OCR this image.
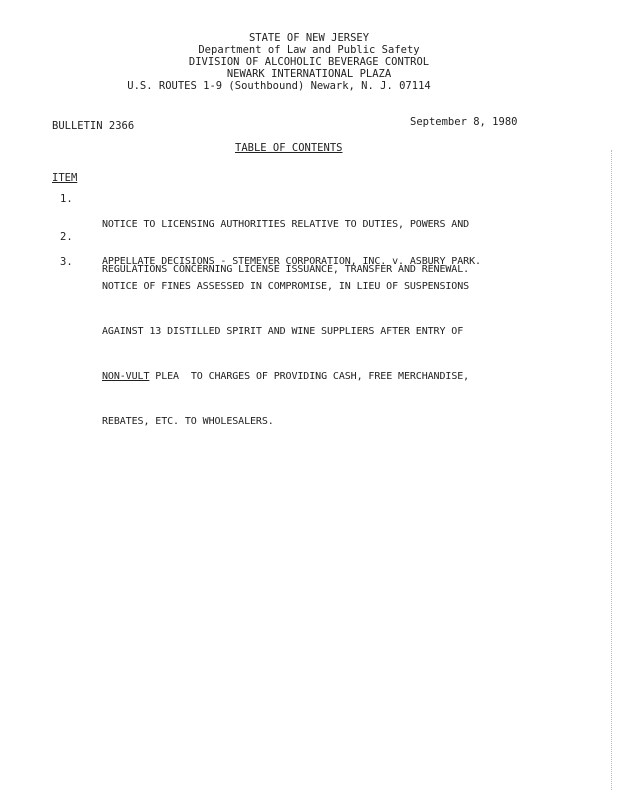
STATE OF NEW JERSEY
Department of Law and Public Safety
DIVISION OF ALCOHOLIC BEVERAGE CONTROL
NEWARK INTERNATIONAL PLAZA
U.S. ROUTES 1-9 (Southbound) Newark, N. J. 07114
BULLETIN 2366	September 8, 1980
TABLE OF CONTENTS
ITEM
1.

NOTICE TO LICENSING AUTHORITIES RELATIVE TO DUTIES, POWERS AND

REGULATIONS CONCERNING LICENSE ISSUANCE, TRANSFER AND RENEWAL.

2.

APPELLATE DECISIONS - STEMEYER CORPORATION, INC. v. ASBURY PARK.

3.

NOTICE OF FINES ASSESSED IN COMPROMISE, IN LIEU OF SUSPENSIONS

AGAINST 13 DISTILLED SPIRIT AND WINE SUPPLIERS AFTER ENTRY OF

NON-VULT PLEA  TO CHARGES OF PROVIDING CASH, FREE MERCHANDISE,

REBATES, ETC. TO WHOLESALERS.
